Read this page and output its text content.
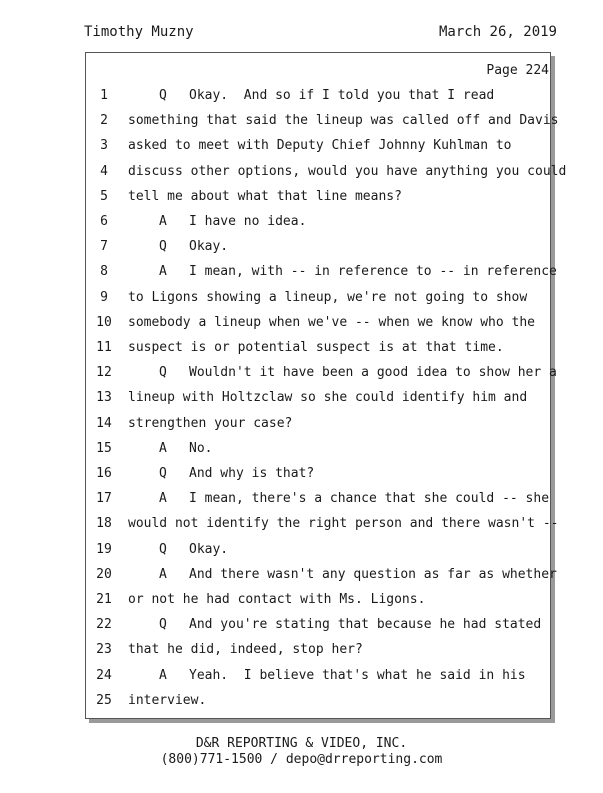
Timothy Muzny	March 26, 2019
Page 224
1	Q Okay.  And so if I told you that I read
2	something that said the lineup was called off and Davis
3	asked to meet with Deputy Chief Johnny Kuhlman to
4	discuss other options, would you have anything you could
5	tell me about what that line means?
6	A I have no idea.
7	Q Okay.
8	A I mean, with -- in reference to -- in reference
9	to Ligons showing a lineup, we're not going to show
10 somebody a lineup when we've -- when we know who the
11 suspect is or potential suspect is at that time.
12	Q Wouldn't it have been a good idea to show her a
13 lineup with Holtzclaw so she could identify him and
14 strengthen your case?
15	A No.
16	Q And why is that?
17	A I mean, there's a chance that she could -- she
18 would not identify the right person and there wasn't --
19	Q Okay.
20	A And there wasn't any question as far as whether
21 or not he had contact with Ms. Ligons.
22	Q And you're stating that because he had stated
23 that he did, indeed, stop her?
24	A Yeah.  I believe that's what he said in his
25 interview.
D&R REPORTING & VIDEO, INC.
(800)771-1500 / depo@drreporting.com
